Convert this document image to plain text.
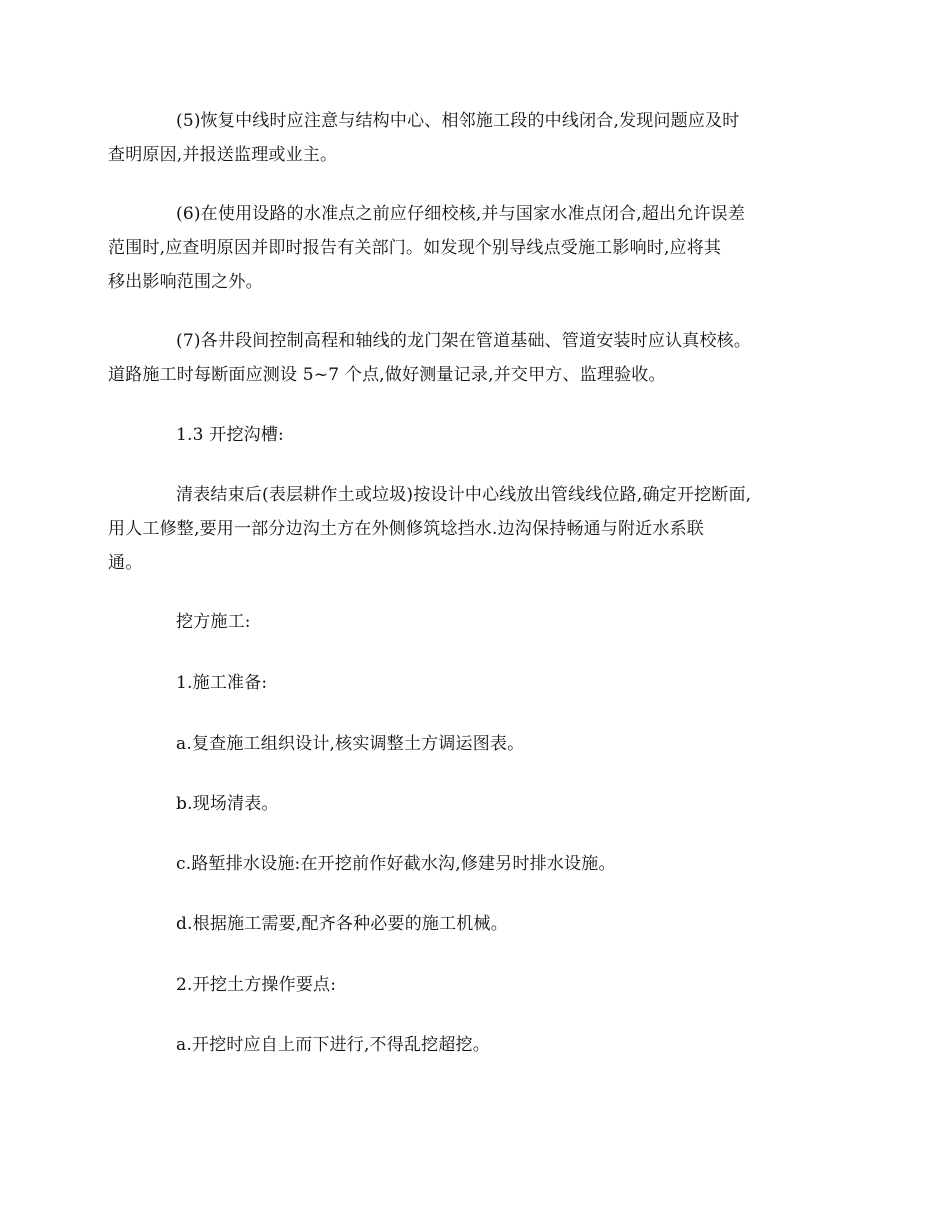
(5)恢复中线时应注意与结构中心、相邻施工段的中线闭合,发现问题应及时
查明原因,并报送监理或业主。

(6)在使用设路的水准点之前应仔细校核,并与国家水准点闭合,超出允许误差
范围时,应查明原因并即时报告有关部门。如发现个别导线点受施工影响时,应将其
移出影响范围之外。

(7)各井段间控制高程和轴线的龙门架在管道基础、管道安装时应认真校核。
道路施工时每断面应测设 5~7 个点,做好测量记录,并交甲方、监理验收。

1.3 开挖沟槽:

清表结束后(表层耕作土或垃圾)按设计中心线放出管线线位路,确定开挖断面,
用人工修整,要用一部分边沟土方在外侧修筑埝挡水.边沟保持畅通与附近水系联
通。

挖方施工:

1.施工准备:

a.复查施工组织设计,核实调整土方调运图表。

b.现场清表。

c.路堑排水设施:在开挖前作好截水沟,修建另时排水设施。

d.根据施工需要,配齐各种必要的施工机械。

2.开挖土方操作要点:

a.开挖时应自上而下进行,不得乱挖超挖。
